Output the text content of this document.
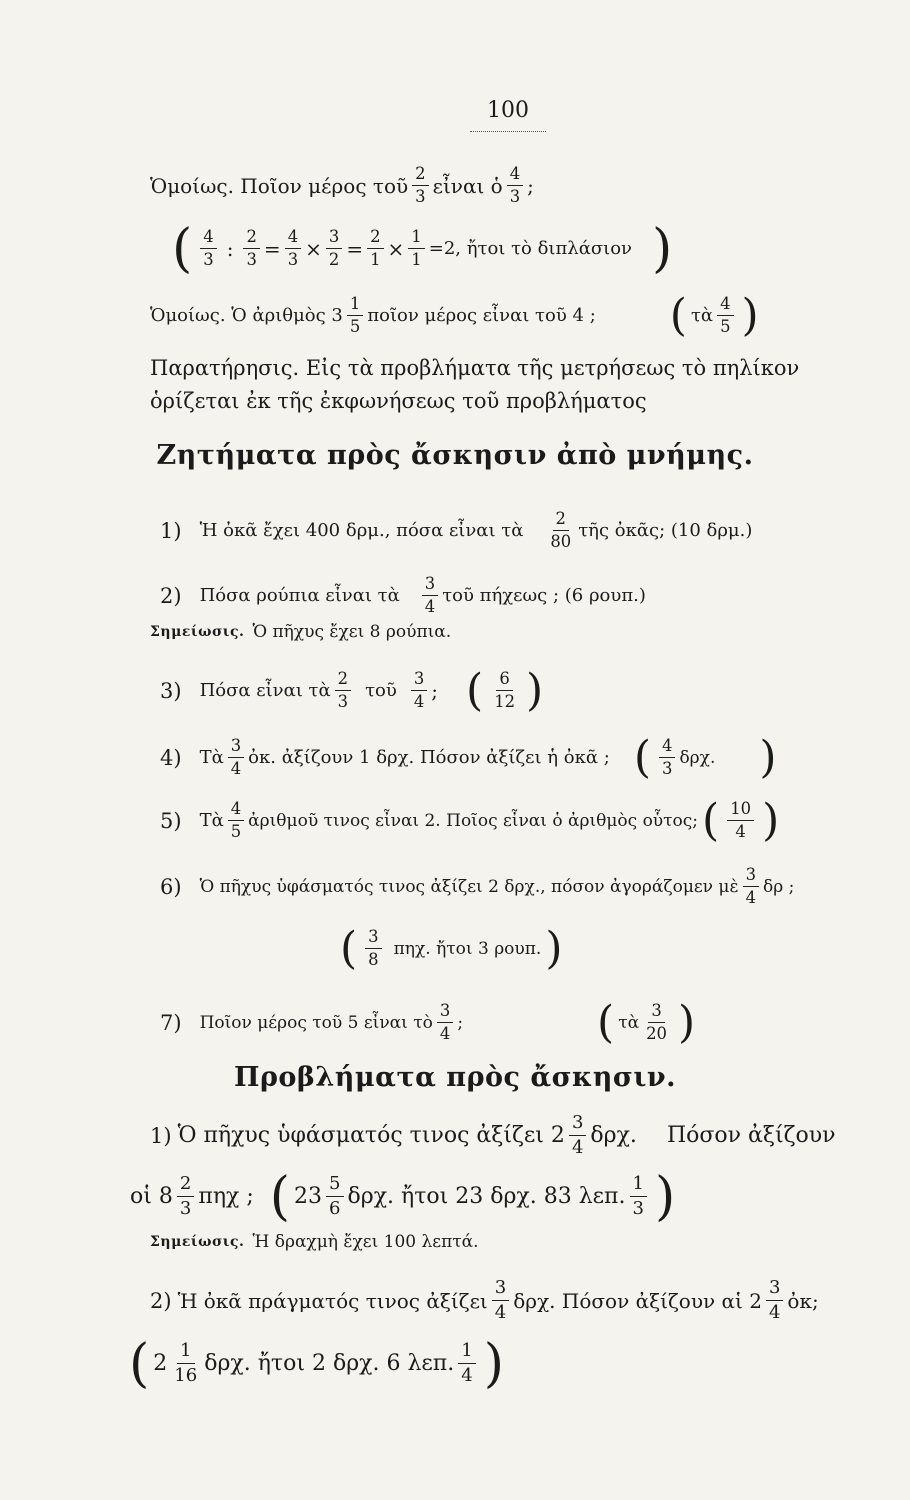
100
Ὁμοίως. Ποῖον μέρος τοῦ $\frac{2}{3}$ εἶναι ὁ $\frac{4}{3}$ ;
( $\frac{4}{3}$ : $\frac{2}{3} = \frac{4}{3} \times \frac{3}{2} = \frac{2}{1} \times \frac{1}{1} =2$, ἤτοι τὸ διπλάσιον )
Ὁμοίως. Ὁ ἀριθμὸς $3 \frac{1}{5}$ ποῖον μέρος εἶναι τοῦ 4 ; ( τὰ $\frac{4}{5}$ )
Παρατήρησις. Εἰς τὰ προβλήματα τῆς μετρήσεως τὸ πηλίκον ὁρίζεται ἐκ τῆς ἐκφωνήσεως τοῦ προβλήματος
Ζητήματα πρὸς ἄσκησιν ἀπὸ μνήμης.
1) Ἡ ὀκᾶ ἔχει 400 δρμ., πόσα εἶναι τὰ $\frac{2}{80}$ τῆς ὀκᾶς; (10 δρμ.)
2) Πόσα ρούπια εἶναι τὰ $\frac{3}{4}$ τοῦ πήχεως ; (6 ρουπ.)
Σημείωσις. Ὁ πῆχυς ἔχει 8 ρούπια.
3) Πόσα εἶναι τὰ $\frac{2}{3}$ τοῦ $\frac{3}{4}$ ; ( $\frac{6}{12}$ )
4) Τὰ $\frac{3}{4}$ ὀκ. ἀξίζουν 1 δρχ. Πόσον ἀξίζει ἡ ὀκᾶ ; ( $\frac{4}{3} \delta\rho\chi$. )
5) Τὰ $\frac{4}{5}$ ἀριθμοῦ τινος εἶναι 2. Ποῖος εἶναι ὁ ἀριθμὸς οὗτος; ( $\frac{10}{4}$ )
6) Ὁ πῆχυς ὑφάσματός τινος ἀξίζει 2 δρχ., πόσον ἀγοράζομεν μὲ $\frac{3}{4}$ δρ ;
( $\frac{3}{8} \pi\eta\chi$. ἤτοι 3 ρουπ. )
7) Ποῖον μέρος τοῦ 5 εἶναι τὸ $\frac{3}{4}$ ;	( τὰ $\frac{3}{20}$ )
Προβλήματα πρὸς ἄσκησιν.
1) Ὁ πῆχυς ὑφάσματός τινος ἀξίζει $2 \frac{3}{4} \delta\rho\chi$. Πόσον ἀξίζουν
οἱ $8 \frac{2}{3}$ πηχ ; ( $23 \frac{5}{6} \delta\rho\chi$. ἤτοι 23 δρχ. 83 λεπ. $\frac{1}{3}$ )
Σημείωσις. Ἡ δραχμὴ ἔχει 100 λεπτά.
2) Ἡ ὀκᾶ πράγματός τινος ἀξίζει $\frac{3}{4} \delta\rho\chi$. Πόσον ἀξίζουν αἱ $2 \frac{3}{4}$ ὀκ;
( $2 \frac{1}{16} \delta\rho\chi$. ἤτοι 2 δρχ. 6 λεπ. $\frac{1}{4}$ )
